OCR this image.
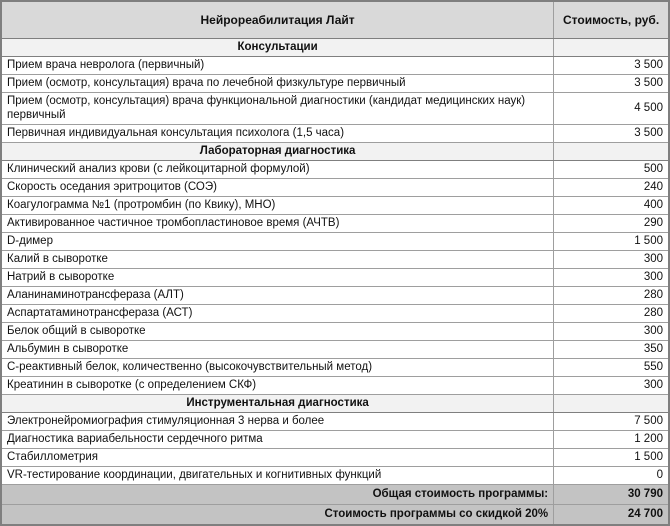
Нейрореабилитация Лайт	Стоимость, руб.
Консультации	
Прием врача невролога (первичный)	3 500
Прием (осмотр, консультация) врача по лечебной физкультуре первичный	3 500
Прием (осмотр, консультация) врача функциональной диагностики (кандидат медицинских наук) первичный	4 500
Первичная индивидуальная консультация психолога (1,5 часа)	3 500
Лабораторная диагностика	
Клинический анализ крови (с лейкоцитарной формулой)	500
Скорость оседания эритроцитов (СОЭ)	240
Коагулограмма №1 (протромбин (по Квику), МНО)	400
Активированное частичное тромбопластиновое время (АЧТВ)	290
D-димер	1 500
Калий в сыворотке	300
Натрий в сыворотке	300
Аланинаминотрансфераза (АЛТ)	280
Аспартатаминотрансфераза (АСТ)	280
Белок общий в сыворотке	300
Альбумин в сыворотке	350
С-реактивный белок, количественно (высокочувствительный метод)	550
Креатинин в сыворотке (с определением СКФ)	300
Инструментальная диагностика	
Электронейромиография стимуляционная 3 нерва и более	7 500
Диагностика вариабельности сердечного ритма	1 200
Стабиллометрия	1 500
VR-тестирование координации, двигательных и когнитивных функций	0
Общая стоимость программы:	30 790
Стоимость программы со скидкой 20%	24 700
